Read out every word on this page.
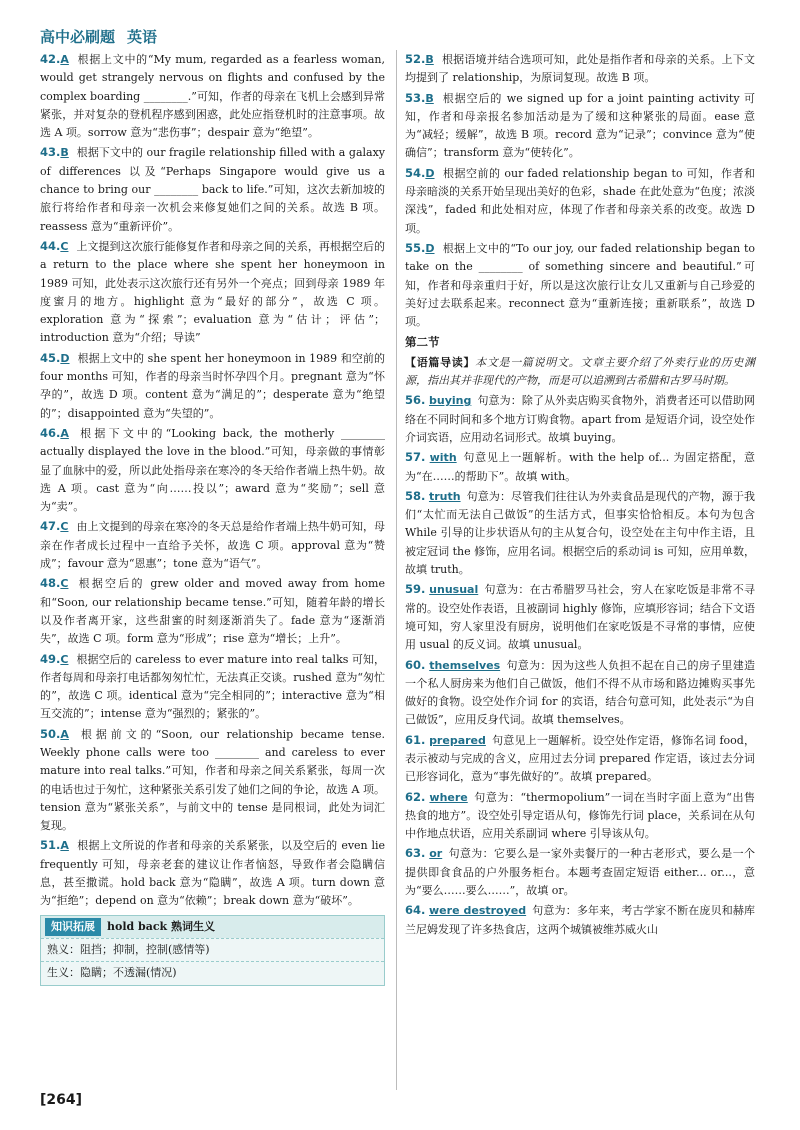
高中必刷题 英语
42.A 根据上文中的“My mum, regarded as a fearless woman, would get strangely nervous on flights and confused by the complex boarding ________.”可知，作者的母亲在飞机上会感到异常紧张，并对复杂的登机程序感到困惑，此处应指登机时的注意事项。故选 A 项。sorrow 意为“悲伤事”；despair 意为“绝望”。
43.B 根据下文中的 our fragile relationship filled with a galaxy of differences 以及“Perhaps Singapore would give us a chance to bring our ________ back to life.”可知，这次去新加坡的旅行将给作者和母亲一次机会来修复她们之间的关系。故选 B 项。reassess 意为“重新评价”。
44.C 上文提到这次旅行能修复作者和母亲之间的关系，再根据空后的 a return to the place where she spent her honeymoon in 1989 可知，此处表示这次旅行还有另外一个亮点；回到母亲 1989 年度蜜月的地方。highlight 意为“最好的部分”，故选 C 项。exploration 意为“探索”；evaluation 意为“估计；评估”；introduction 意为“介绍；导读”
45.D 根据上文中的 she spent her honeymoon in 1989 和空前的 four months 可知，作者的母亲当时怀孕四个月。pregnant 意为“怀孕的”，故选 D 项。content 意为“满足的”；desperate 意为“绝望的”；disappointed 意为“失望的”。
46.A 根据下文中的“Looking back, the motherly ________ actually displayed the love in the blood.”可知，母亲做的事情彰显了血脉中的爱，所以此处指母亲在寒冷的冬天给作者端上热牛奶。故选 A 项。cast 意为“向……投以”；award 意为“奖励”；sell 意为“卖”。
47.C 由上文提到的母亲在寒冷的冬天总是给作者端上热牛奶可知，母亲在作者成长过程中一直给予关怀，故选 C 项。approval 意为“赞成”；favour 意为“恩惠”；tone 意为“语气”。
48.C 根据空后的 grew older and moved away from home 和“Soon, our relationship became tense.”可知，随着年龄的增长以及作者离开家，这些甜蜜的时刻逐渐消失了。fade 意为“逐渐消失”，故选 C 项。form 意为“形成”；rise 意为“增长；上升”。
49.C 根据空后的 careless to ever mature into real talks 可知，作者每周和母亲打电话都匆匆忙忙，无法真正交谈。rushed 意为“匆忙的”，故选 C 项。identical 意为“完全相同的”；interactive 意为“相互交流的”；intense 意为“强烈的；紧张的”。
50.A 根据前文的“Soon, our relationship became tense. Weekly phone calls were too ________ and careless to ever mature into real talks.”可知，作者和母亲之间关系紧张，每周一次的电话也过于匆忙，这种紧张关系引发了她们之间的争论，故选 A 项。tension 意为“紧张关系”，与前文中的 tense 是同根词，此处为词汇复现。
51.A 根据上文所说的作者和母亲的关系紧张，以及空后的 even lie frequently 可知，母亲老套的建议让作者恼怒，导致作者会隐瞒信息，甚至撒谎。hold back 意为“隐瞒”，故选 A 项。turn down 意为“拒绝”；depend on 意为“依赖”；break down 意为“破坏”。
知识拓展 hold back 熟词生义
熟义：阻挡；抑制，控制(感情等)
生义：隐瞒；不透漏(情况)
52.B 根据语境并结合选项可知，此处是指作者和母亲的关系。上下文均提到了 relationship，为原词复现。故选 B 项。
53.B 根据空后的 we signed up for a joint painting activity 可知，作者和母亲报名参加活动是为了缓和这种紧张的局面。ease 意为“减轻；缓解”，故选 B 项。record 意为“记录”；convince 意为“使确信”；transform 意为“使转化”。
54.D 根据空前的 our faded relationship began to 可知，作者和母亲暗淡的关系开始呈现出美好的色彩，shade 在此处意为“色度；浓淡深浅”，faded 和此处相对应，体现了作者和母亲关系的改变。故选 D 项。
55.D 根据上文中的“To our joy, our faded relationship began to take on the ________ of something sincere and beautiful.”可知，作者和母亲重归于好，所以是这次旅行让女儿又重新与自己珍爱的美好过去联系起来。reconnect 意为“重新连接；重新联系”，故选 D 项。
第二节
【语篇导读】本文是一篇说明文。文章主要介绍了外卖行业的历史渊源，指出其并非现代的产物，而是可以追溯到古希腊和古罗马时期。
56. buying 句意为：除了从外卖店购买食物外，消费者还可以借助网络在不同时间和多个地方订购食物。apart from 是短语介词，设空处作介词宾语，应用动名词形式。故填 buying。
57. with 句意见上一题解析。with the help of... 为固定搭配，意为“在……的帮助下”。故填 with。
58. truth 句意为：尽管我们往往认为外卖食品是现代的产物，源于我们“太忙而无法自己做饭”的生活方式，但事实恰恰相反。本句为包含 While 引导的让步状语从句的主从复合句，设空处在主句中作主语，且被定冠词 the 修饰，应用名词。根据空后的系动词 is 可知，应用单数，故填 truth。
59. unusual 句意为：在古希腊罗马社会，穷人在家吃饭是非常不寻常的。设空处作表语，且被副词 highly 修饰，应填形容词；结合下文语境可知，穷人家里没有厨房，说明他们在家吃饭是不寻常的事情，应使用 usual 的反义词。故填 unusual。
60. themselves 句意为：因为这些人负担不起在自己的房子里建造一个私人厨房来为他们自己做饭，他们不得不从市场和路边摊购买事先做好的食物。设空处作介词 for 的宾语，结合句意可知，此处表示“为自己做饭”，应用反身代词。故填 themselves。
61. prepared 句意见上一题解析。设空处作定语，修饰名词 food，表示被动与完成的含义，应用过去分词 prepared 作定语，该过去分词已形容词化，意为“事先做好的”。故填 prepared。
62. where 句意为：“thermopolium”一词在当时字面上意为“出售热食的地方”。设空处引导定语从句，修饰先行词 place，关系词在从句中作地点状语，应用关系副词 where 引导该从句。
63. or 句意为：它要么是一家外卖餐厅的一种古老形式，要么是一个提供即食食品的户外服务柜台。本题考查固定短语 either... or...，意为“要么……要么……”，故填 or。
64. were destroyed 句意为：多年来，考古学家不断在庞贝和赫库兰尼姆发现了许多热食店，这两个城镇被维苏威火山
[264]
